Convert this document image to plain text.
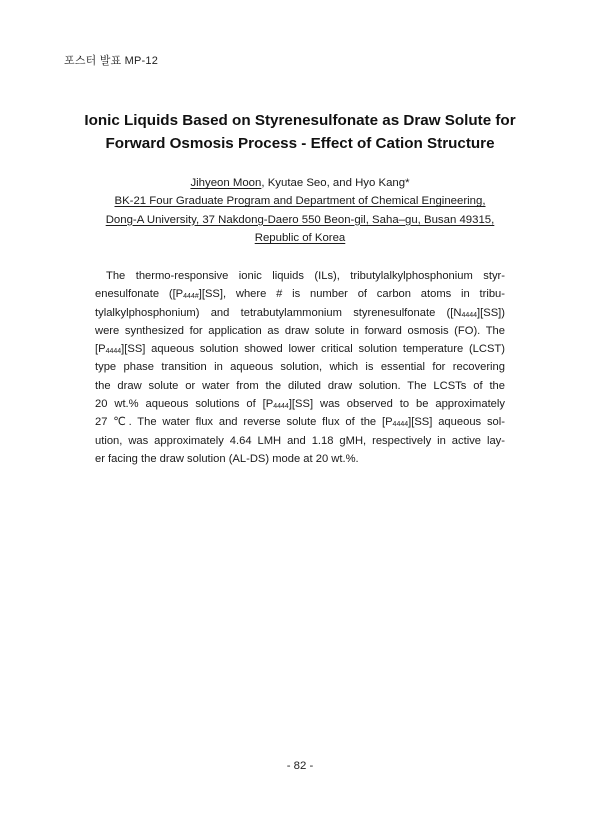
포스터 발표 MP-12
Ionic Liquids Based on Styrenesulfonate as Draw Solute for
Forward Osmosis Process - Effect of Cation Structure
Jihyeon Moon, Kyutae Seo, and Hyo Kang*
BK-21 Four Graduate Program and Department of Chemical Engineering,
Dong-A University, 37 Nakdong-Daero 550 Beon-gil, Saha–gu, Busan 49315,
Republic of Korea
The thermo-responsive ionic liquids (ILs), tributylalkylphosphonium styr-
enesulfonate ($[P_{444\#}][SS]$, where # is number of carbon atoms in tribu-
tylalkylphosphonium) and tetrabutylammonium styrenesulfonate $([N_{4444}][SS])$
were synthesized for application as draw solute in forward osmosis (FO). The
$[P_{4444}][SS]$ aqueous solution showed lower critical solution temperature (LCST)
type phase transition in aqueous solution, which is essential for recovering
the draw solute or water from the diluted draw solution. The LCSTs of the
20 wt.% aqueous solutions of $[P_{4444}][SS]$ was observed to be approximately
27 ℃. The water flux and reverse solute flux of the $[P_{4444}][SS]$ aqueous sol-
ution, was approximately 4.64 LMH and 1.18 gMH, respectively in active lay-
er facing the draw solution (AL-DS) mode at 20 wt.%.
- 82 -
